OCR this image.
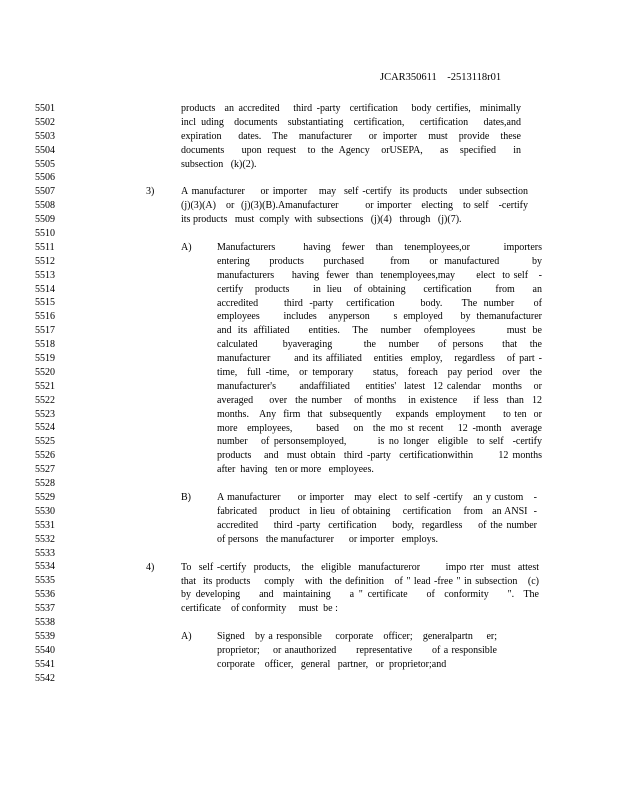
JCAR350611    -2513118r01
5501
5502
5503
5504
5505
5506
5507
5508
5509
5510
5511
5512
5513
5514
5515
5516
5517
5518
5519
5520
5521
5522
5523
5524
5525
5526
5527
5528
5529
5530
5531
5532
5533
5534
5535
5536
5537
5538
5539
5540
5541
5542
products  an accredited   third -party  certification   body certifies,  minimally
incl uding  documents  substantiating  certification,   certification   dates,and
expiration   dates.  The  manufacturer   or importer  must  provide  these
documents   upon request  to the Agency  orUSEPA,   as  specified   in
subsection   (k)(2).
3)	A manufacturer    or importer   may  self -certify  its products   under subsection
(j)(3)(A)   or  (j)(3)(B).Amanufacturer        or importer   electing   to self   -certify
its products   must  comply  with  subsections   (j)(4)   through   (j)(7).
A)	Manufacturers     having  fewer  than  tenemployees,or      importers
entering   products   purchased    from   or manufactured     by
manufacturers     having  fewer  than  tenemployees,may      elect  to self   -
certify  products    in lieu  of obtaining   certification    from   an
accredited    third -party  certification    body.   The number   of
employees    includes  anyperson    s employed   by themanufacturer
and its affiliated   entities.  The  number  ofemployees     must be
calculated    byaveraging     the  number   of persons   that  the
manufacturer      and its affiliated   entities  employ,   regardless   of part -
time,  full -time,  or temporary    status,  foreach  pay period  over  the
manufacturer's      andaffiliated    entities'  latest  12 calendar   months   or
averaged    over  the number   of months   in existence    if less  than  12
months.   Any  firm  that  subsequently    expands  employment     to ten  or
more  employees,     based   on  the mo st recent   12 -month  average
number   of personsemployed,       is no longer  eligible  to self  -certify
products   and  must obtain  third -party  certificationwithin      12 months
after  having   ten or more   employees.
B)	A manufacturer     or importer   may  elect  to self -certify   an y custom   -
fabricated    product   in lieu  of obtaining    certification    from   an ANSI  -
accredited    third -party  certification    body,  regardless    of the number
of persons   the manufacturer      or importer   employs.
4)	To  self -certify  products,   the  eligible  manufactureror       impo rter  must  attest
that  its products    comply   with  the definition   of " lead -free " in subsection   (c)
by developing    and  maintaining    a " certificate    of  conformity    ".  The
certificate    of conformity     must  be :
A)	Signed   by a responsible    corporate   officer;   generalpartn    er;
proprietor;    or anauthorized      representative      of a responsible
corporate    officer,   general   partner,   or  proprietor;and
